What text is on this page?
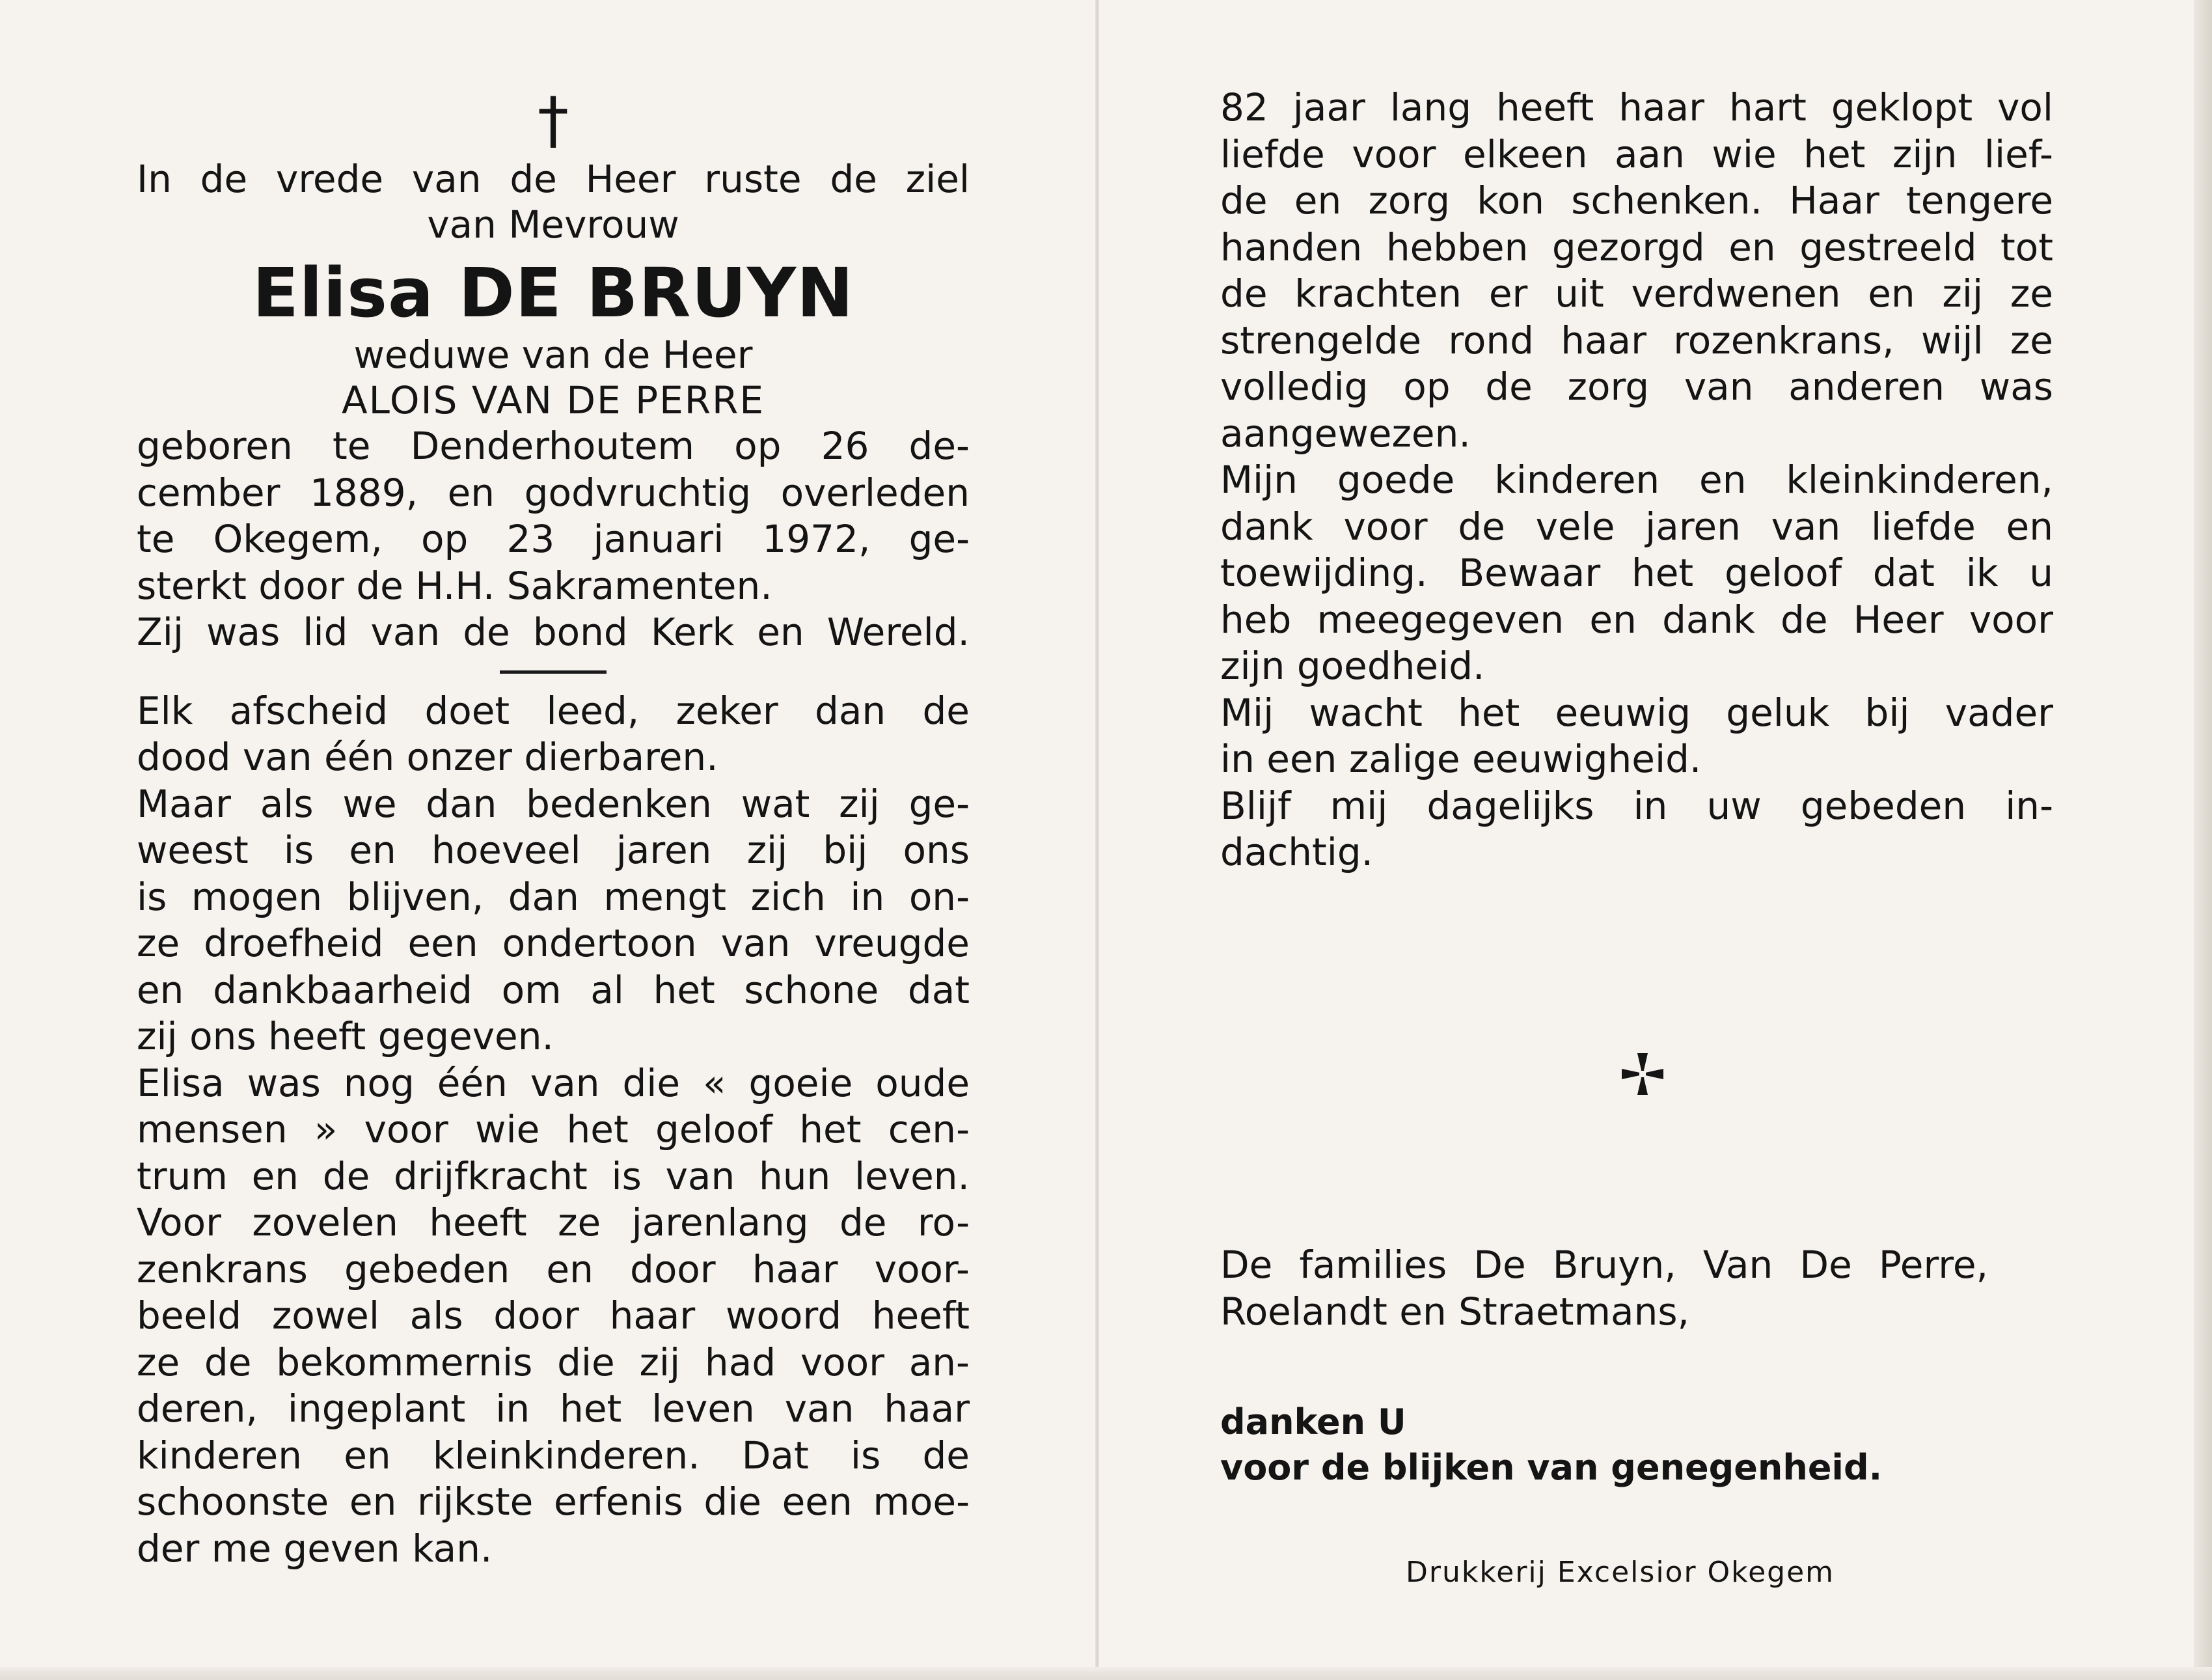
†
In de vrede van de Heer ruste de ziel
van Mevrouw
Elisa DE BRUYN
weduwe van de Heer
ALOIS VAN DE PERRE
geboren te Denderhoutem op 26 de-
cember 1889, en godvruchtig overleden
te Okegem, op 23 januari 1972, ge-
sterkt door de H.H. Sakramenten.
Zij was lid van de bond Kerk en Wereld.
Elk afscheid doet leed, zeker dan de
dood van één onzer dierbaren.
Maar als we dan bedenken wat zij ge-
weest is en hoeveel jaren zij bij ons
is mogen blijven, dan mengt zich in on-
ze droefheid een ondertoon van vreugde
en dankbaarheid om al het schone dat
zij ons heeft gegeven.
Elisa was nog één van die « goeie oude
mensen » voor wie het geloof het cen-
trum en de drijfkracht is van hun leven.
Voor zovelen heeft ze jarenlang de ro-
zenkrans gebeden en door haar voor-
beeld zowel als door haar woord heeft
ze de bekommernis die zij had voor an-
deren, ingeplant in het leven van haar
kinderen en kleinkinderen. Dat is de
schoonste en rijkste erfenis die een moe-
der me geven kan.
82 jaar lang heeft haar hart geklopt vol
liefde voor elkeen aan wie het zijn lief-
de en zorg kon schenken. Haar tengere
handen hebben gezorgd en gestreeld tot
de krachten er uit verdwenen en zij ze
strengelde rond haar rozenkrans, wijl ze
volledig op de zorg van anderen was
aangewezen.
Mijn goede kinderen en kleinkinderen,
dank voor de vele jaren van liefde en
toewijding. Bewaar het geloof dat ik u
heb meegegeven en dank de Heer voor
zijn goedheid.
Mij wacht het eeuwig geluk bij vader
in een zalige eeuwigheid.
Blijf mij dagelijks in uw gebeden in-
dachtig.
De families De Bruyn, Van De Perre,
Roelandt en Straetmans,
danken U
voor de blijken van genegenheid.
Drukkerij Excelsior Okegem
